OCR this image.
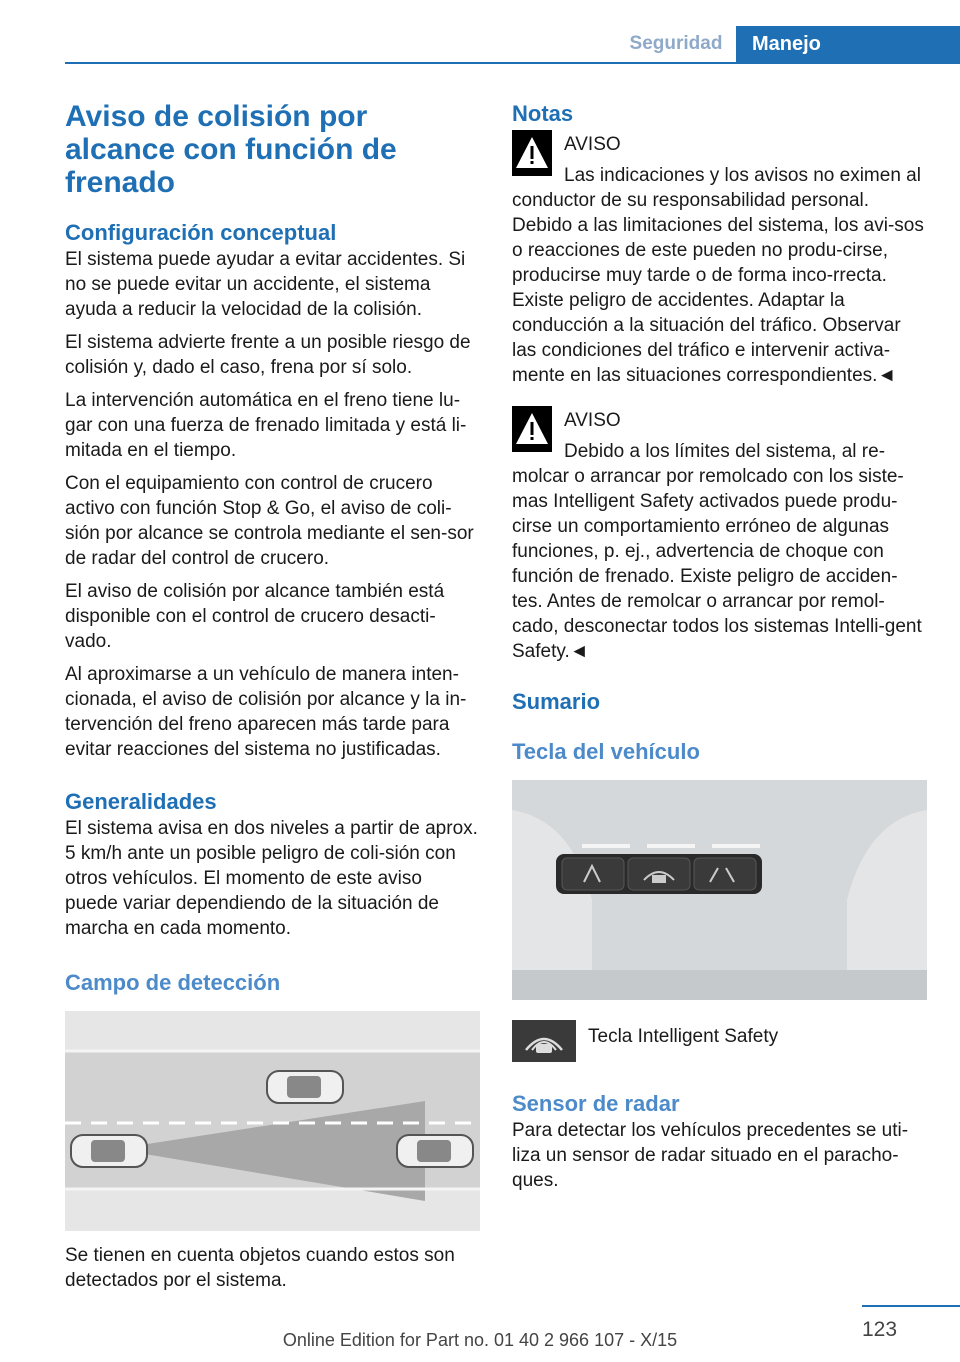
Seguridad	Manejo
Aviso de colisión por alcance con función de frenado
Configuración conceptual

El sistema puede ayudar a evitar accidentes. Si no se puede evitar un accidente, el sistema ayuda a reducir la velocidad de la colisión.

El sistema advierte frente a un posible riesgo de colisión y, dado el caso, frena por sí solo.

La intervención automática en el freno tiene lu-gar con una fuerza de frenado limitada y está li-mitada en el tiempo.

Con el equipamiento con control de crucero activo con función Stop & Go, el aviso de coli-sión por alcance se controla mediante el sen-sor de radar del control de crucero.

El aviso de colisión por alcance también está disponible con el control de crucero desacti-vado.

Al aproximarse a un vehículo de manera inten-cionada, el aviso de colisión por alcance y la in-tervención del freno aparecen más tarde para evitar reacciones del sistema no justificadas.

Generalidades

El sistema avisa en dos niveles a partir de aprox. 5 km/h ante un posible peligro de coli-sión con otros vehículos. El momento de este aviso puede variar dependiendo de la situación de marcha en cada momento.

Campo de detección

Se tienen en cuenta objetos cuando estos son detectados por el sistema.

Notas
AVISO

Las indicaciones y los avisos no eximen al conductor de su responsabilidad personal. Debido a las limitaciones del sistema, los avi-sos o reacciones de este pueden no produ-cirse, producirse muy tarde o de forma inco-rrecta. Existe peligro de accidentes. Adaptar la conducción a la situación del tráfico. Observar las condiciones del tráfico e intervenir activa-mente en las situaciones correspondientes.◄

AVISO

Debido a los límites del sistema, al re-molcar o arrancar por remolcado con los siste-mas Intelligent Safety activados puede produ-cirse un comportamiento erróneo de algunas funciones, p. ej., advertencia de choque con función de frenado. Existe peligro de acciden-tes. Antes de remolcar o arrancar por remol-cado, desconectar todos los sistemas Intelli-gent Safety.◄

Sumario
Tecla del vehículo

Tecla Intelligent Safety

Sensor de radar

Para detectar los vehículos precedentes se uti-liza un sensor de radar situado en el paracho-ques.

123
Online Edition for Part no. 01 40 2 966 107 - X/15
